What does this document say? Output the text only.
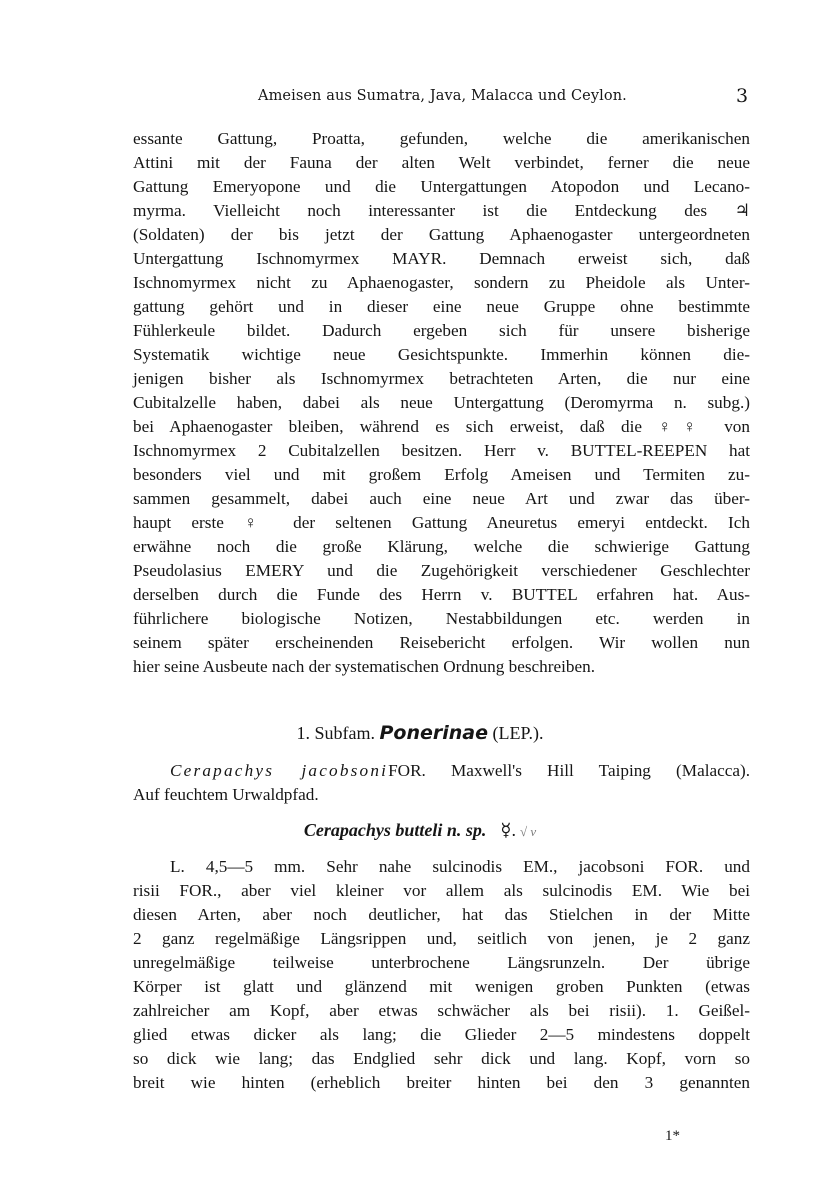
Ameisen aus Sumatra, Java, Malacca und Ceylon.	3
essante Gattung, Proatta, gefunden, welche die amerikanischen
Attini mit der Fauna der alten Welt verbindet, ferner die neue
Gattung Emeryopone und die Untergattungen Atopodon und Lecano-
myrma. Vielleicht noch interessanter ist die Entdeckung des ♃
(Soldaten) der bis jetzt der Gattung Aphaenogaster untergeordneten
Untergattung Ischnomyrmex MAYR. Demnach erweist sich, daß
Ischnomyrmex nicht zu Aphaenogaster, sondern zu Pheidole als Unter-
gattung gehört und in dieser eine neue Gruppe ohne bestimmte
Fühlerkeule bildet. Dadurch ergeben sich für unsere bisherige
Systematik wichtige neue Gesichtspunkte. Immerhin können die-
jenigen bisher als Ischnomyrmex betrachteten Arten, die nur eine
Cubitalzelle haben, dabei als neue Untergattung (Deromyrma n. subg.)
bei Aphaenogaster bleiben, während es sich erweist, daß die ♀♀ von
Ischnomyrmex 2 Cubitalzellen besitzen. Herr v. BUTTEL-REEPEN hat
besonders viel und mit großem Erfolg Ameisen und Termiten zu-
sammen gesammelt, dabei auch eine neue Art und zwar das über-
haupt erste ♀ der seltenen Gattung Aneuretus emeryi entdeckt. Ich
erwähne noch die große Klärung, welche die schwierige Gattung
Pseudolasius EMERY und die Zugehörigkeit verschiedener Geschlechter
derselben durch die Funde des Herrn v. BUTTEL erfahren hat. Aus-
führlichere biologische Notizen, Nestabbildungen etc. werden in
seinem später erscheinenden Reisebericht erfolgen. Wir wollen nun
hier seine Ausbeute nach der systematischen Ordnung beschreiben.
1. Subfam. Ponerinae (LEP.).
Cerapachys jacobsoniFOR. Maxwell's Hill Taiping (Malacca).
Auf feuchtem Urwaldpfad.
Cerapachys butteli n. sp. ☿. √ v
L. 4,5—5 mm. Sehr nahe sulcinodis EM., jacobsoni FOR. und
risii FOR., aber viel kleiner vor allem als sulcinodis EM. Wie bei
diesen Arten, aber noch deutlicher, hat das Stielchen in der Mitte
2 ganz regelmäßige Längsrippen und, seitlich von jenen, je 2 ganz
unregelmäßige teilweise unterbrochene Längsrunzeln. Der übrige
Körper ist glatt und glänzend mit wenigen groben Punkten (etwas
zahlreicher am Kopf, aber etwas schwächer als bei risii). 1. Geißel-
glied etwas dicker als lang; die Glieder 2—5 mindestens doppelt
so dick wie lang; das Endglied sehr dick und lang. Kopf, vorn so
breit wie hinten (erheblich breiter hinten bei den 3 genannten
1*
